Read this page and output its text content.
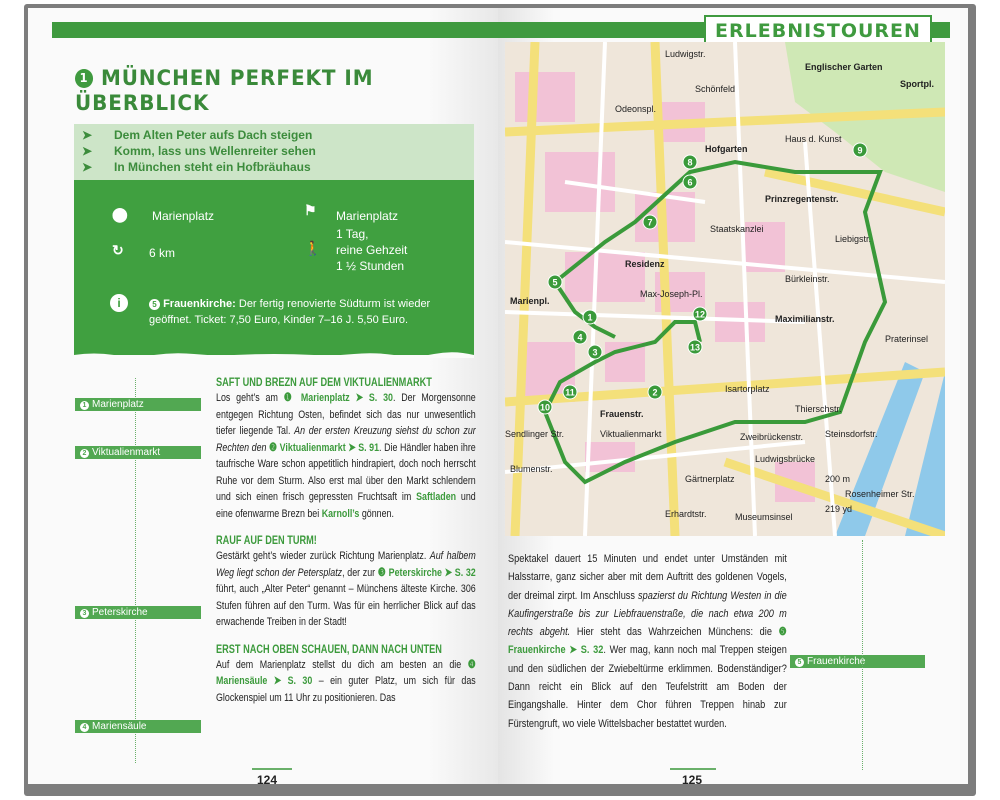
ERLEBNISTOUREN
1 MÜNCHEN PERFEKT IM ÜBERBLICK
➤ Dem Alten Peter aufs Dach steigen
➤ Komm, lass uns Wellenreiter sehen
➤ In München steht ein Hofbräuhaus
⬤ Marienplatz	⚑ Marienplatz
↻ 6 km	🚶
1 Tag,
reine Gehzeit
1 ½ Stunden
i	5 Frauenkirche: Der fertig renovierte Südturm ist wieder geöffnet. Ticket: 7,50 Euro, Kinder 7–16 J. 5,50 Euro.
1 Marienplatz
2 Viktualienmarkt
3 Peterskirche
4 Mariensäule
5 Frauenkirche
SAFT UND BREZN AUF DEM VIKTUALIENMARKT

Los geht’s am ❶ Marienplatz ➤ S. 30. Der Morgensonne entgegen Richtung Osten, befindet sich das nur unwesentlich tiefer liegende Tal. An der ersten Kreuzung siehst du schon zur Rechten den ❷ Viktualienmarkt ➤ S. 91. Die Händler haben ihre taufrische Ware schon appetitlich hindrapiert, doch noch herrscht Ruhe vor dem Sturm. Also erst mal über den Markt schlendern und sich einen frisch gepressten Fruchtsaft im Saftladen und eine ofenwarme Brezn bei Karnoll’s gönnen.

RAUF AUF DEN TURM!

Gestärkt geht’s wieder zurück Richtung Marienplatz. Auf halbem Weg liegt schon der Petersplatz, der zur ❸ Peterskirche ➤ S. 32 führt, auch „Alter Peter“ genannt – Münchens älteste Kirche. 306 Stufen führen auf den Turm. Was für ein herrlicher Blick auf das erwachende Treiben in der Stadt!

ERST NACH OBEN SCHAUEN, DANN NACH UNTEN

Auf dem Marienplatz stellst du dich am besten an die ❹ Mariensäule ➤ S. 30 – ein guter Platz, um sich für das Glockenspiel um 11 Uhr zu positionieren. Das

124
1
2
3
4
5
6
7
8
9
10
11
12
13
Englischer Garten
Sportpl.
Prinzregentenstr.
Residenz
Hofgarten
Maximilianstr.
Marienpl.
Frauenstr.
Isartorplatz
Viktualienmarkt
Gärtnerplatz
Ludwigsbrücke
Erhardtstr.	Museumsinsel
Praterinsel
Blumenstr.
Odeonspl.
Ludwigstr.
Staatskanzlei
Haus d. Kunst
Thierschstr.
Steinsdorfstr.
Rosenheimer Str.
Zweibrückenstr.
Sendlinger Str.
Max-Joseph-Pl.
Bürkleinstr.
Liebigstr.
Schönfeld
200 m
219 yd

Spektakel dauert 15 Minuten und endet unter Umständen mit Halsstarre, ganz sicher aber mit dem Auftritt des goldenen Vogels, der dreimal zirpt. Im Anschluss spazierst du Richtung Westen in die Kaufingerstraße bis zur Liebfrauenstraße, die nach etwa 200 m rechts abgeht. Hier steht das Wahrzeichen Münchens: die ❺ Frauenkirche ➤ S. 32. Wer mag, kann noch mal Treppen steigen und den südlichen der Zwiebeltürme erklimmen. Bodenständiger? Dann reicht ein Blick auf den Teufelstritt am Boden der Eingangshalle. Hinter dem Chor führen Treppen hinab zur Fürstengruft, wo viele Wittelsbacher bestattet wurden.

125
